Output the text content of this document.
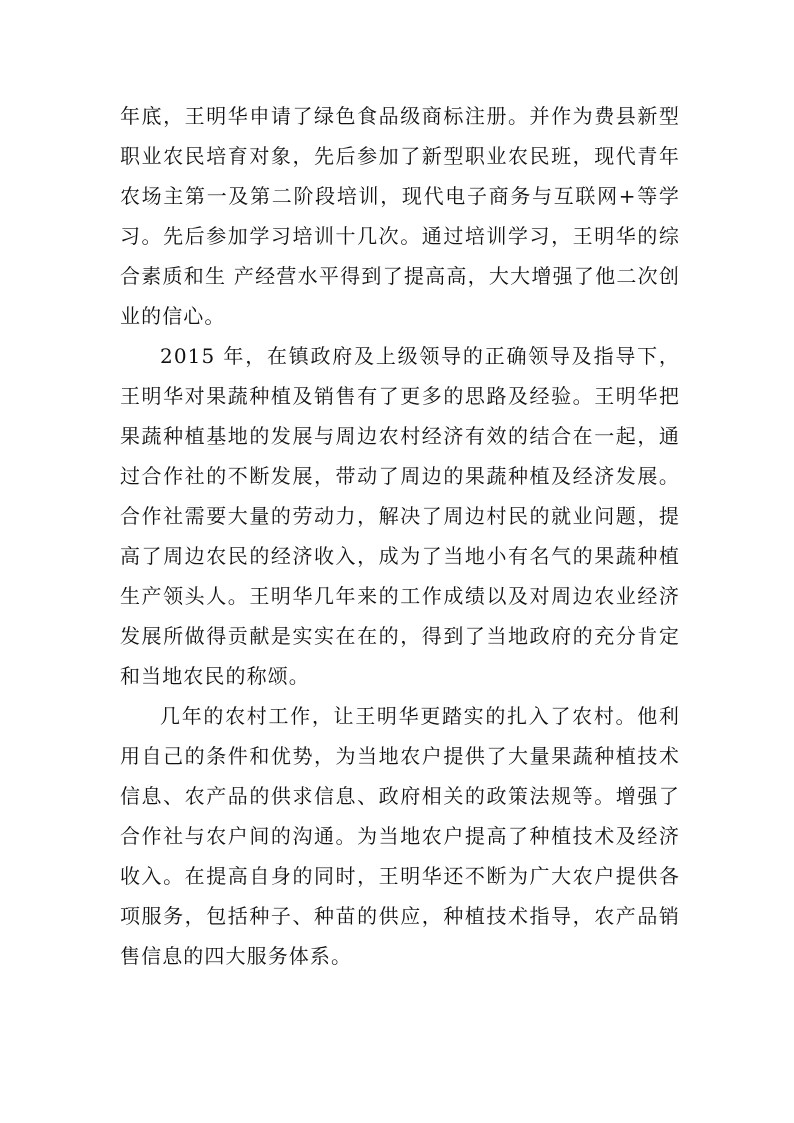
年底，王明华申请了绿色食品级商标注册。并作为费县新型职业农民培育对象，先后参加了新型职业农民班，现代青年农场主第一及第二阶段培训，现代电子商务与互联网+等学习。先后参加学习培训十几次。通过培训学习，王明华的综合素质和生 产经营水平得到了提高高，大大增强了他二次创业的信心。

2015 年，在镇政府及上级领导的正确领导及指导下，王明华对果蔬种植及销售有了更多的思路及经验。王明华把果蔬种植基地的发展与周边农村经济有效的结合在一起，通过合作社的不断发展，带动了周边的果蔬种植及经济发展。合作社需要大量的劳动力，解决了周边村民的就业问题，提高了周边农民的经济收入，成为了当地小有名气的果蔬种植生产领头人。王明华几年来的工作成绩以及对周边农业经济发展所做得贡献是实实在在的，得到了当地政府的充分肯定和当地农民的称颂。

几年的农村工作，让王明华更踏实的扎入了农村。他利用自己的条件和优势，为当地农户提供了大量果蔬种植技术信息、农产品的供求信息、政府相关的政策法规等。增强了合作社与农户间的沟通。为当地农户提高了种植技术及经济收入。在提高自身的同时，王明华还不断为广大农户提供各项服务，包括种子、种苗的供应，种植技术指导，农产品销售信息的四大服务体系。
